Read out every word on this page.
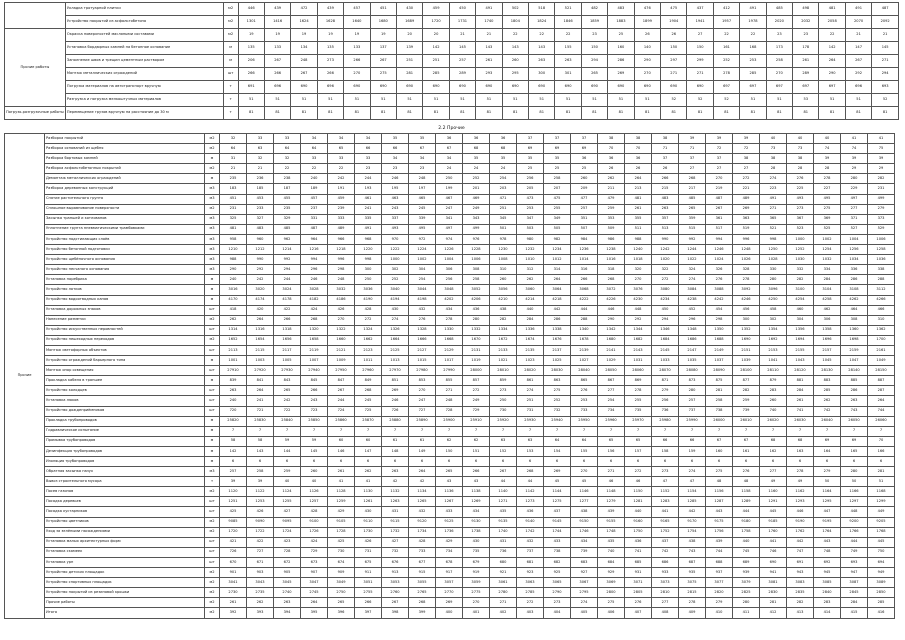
	Укладка тротуарной плитки	м2	446	439	472	439	457	451	430	459	450	491	502	518	521	482	483	476	475	437	412	491	485	498	481	491	487
	Устройство покрытий из асфальтобетона	м2	1301	1416	1624	1628	1640	1680	1689	1720	1731	1740	1804	1824	1846	1859	1883	1899	1904	1941	1957	1978	2020	2032	2058	2070	2092
Прочие работы	Окраска поверхностей масляными составами	м2	19	19	19	19	19	19	20	20	21	21	22	22	22	23	25	26	26	27	22	22	23	23	22	21	21
	Установка бордюрных камней на бетонное основание	м	135	133	134	135	133	137	139	142	145	143	143	143	155	150	160	140	150	150	161	168	173	178	142	147	145
	Заполнение швов и трещин цементным раствором	м	206	267	248	273	266	267	251	251	257	261	260	263	263	294	286	290	297	299	252	253	258	261	264	267	271
	Монтаж металлических ограждений	шт	266	266	267	266	270	275	281	285	289	293	295	300	301	265	269	270	271	271	278	285	270	289	290	292	294
	Погрузка материалов на автотранспорт вручную	т	691	696	690	696	690	690	690	690	690	690	690	690	690	690	690	690	690	690	697	697	697	697	697	696	693
	Разгрузка и погрузка мелкоштучных материалов	т	51	51	51	51	51	51	51	51	51	51	51	51	51	51	51	51	52	52	52	51	51	53	51	51	52
Погрузо-разгрузочные работы	Перемещение грузов вручную на расстояние до 30 м	т	81	81	81	81	81	81	81	81	81	81	81	81	81	81	81	81	81	81	81	81	81	81	81	81	81
2.2 Прочие
Прочие	Разборка покрытий	м2	32	33	33	34	34	34	35	35	36	36	36	37	37	37	38	38	38	39	39	39	40	40	40	41	41
	Разборка оснований из щебня	м2	64	63	64	64	65	66	66	67	67	68	68	69	69	69	70	70	71	71	72	72	73	73	74	74	75
	Разборка бортовых камней	м	31	32	32	33	33	33	34	34	34	35	35	35	35	36	36	36	37	37	37	38	38	38	39	39	39
	Разборка асфальтобетонных покрытий	м2	21	21	22	22	22	23	23	23	24	24	24	25	25	25	26	26	26	27	27	27	28	28	28	29	29
	Демонтаж металлических ограждений	м	235	236	238	240	242	244	246	248	250	252	254	256	258	260	262	264	266	268	270	272	274	276	278	280	282
	Разборка деревянных конструкций	м3	183	185	187	189	191	193	195	197	199	201	203	205	207	209	211	213	215	217	219	221	223	225	227	229	231
	Снятие растительного грунта	м3	451	453	455	457	459	461	463	465	467	469	471	473	475	477	479	481	483	485	487	489	491	493	495	497	499
	Сплошное выравнивание поверхности	м2	231	233	235	237	239	241	243	245	247	249	251	253	255	257	259	261	263	265	267	269	271	273	275	277	279
	Засыпка траншей и котлованов	м3	325	327	329	331	333	335	337	339	341	343	345	347	349	351	353	355	357	359	361	363	365	367	369	371	373
	Уплотнение грунта пневматическими трамбовками	м3	481	483	485	487	489	491	493	495	497	499	501	503	505	507	509	511	513	515	517	519	521	523	525	527	529
	Устройство подстилающих слоёв	м3	958	960	962	964	966	968	970	972	974	976	978	980	982	984	986	988	990	992	994	996	998	1000	1002	1004	1006
	Устройство бетонной подготовки	м3	1210	1212	1214	1216	1218	1220	1222	1224	1226	1228	1230	1232	1234	1236	1238	1240	1242	1244	1246	1248	1250	1252	1254	1256	1258
	Устройство щебёночного основания	м3	988	990	992	994	996	998	1000	1002	1004	1006	1008	1010	1012	1014	1016	1018	1020	1022	1024	1026	1028	1030	1032	1034	1036
	Устройство песчаного основания	м3	290	292	294	296	298	300	302	304	306	308	310	312	314	316	318	320	322	324	326	328	330	332	334	336	338
	Установка поребрика	м	240	242	244	246	248	250	252	254	256	258	260	262	264	266	268	270	272	274	276	278	280	282	284	286	288
	Устройство лотков	м	3016	3020	3024	3028	3032	3036	3040	3044	3048	3052	3056	3060	3064	3068	3072	3076	3080	3084	3088	3092	3096	3100	3104	3108	3112
	Устройство водоотводных канав	м	4170	4174	4178	4182	4186	4190	4194	4198	4202	4206	4210	4214	4218	4222	4226	4230	4234	4238	4242	4246	4250	4254	4258	4262	4266
	Установка дорожных знаков	шт	418	420	422	424	426	428	430	432	434	436	438	440	442	444	446	448	450	452	454	456	458	460	462	464	466
	Нанесение разметки	м2	262	264	266	268	270	272	274	276	278	280	282	284	286	288	290	292	294	296	298	300	302	304	306	308	310
	Устройство искусственных неровностей	шт	1314	1316	1318	1320	1322	1324	1326	1328	1330	1332	1334	1336	1338	1340	1342	1344	1346	1348	1350	1352	1354	1356	1358	1360	1362
	Устройство пешеходных переходов	м2	1652	1654	1656	1658	1660	1662	1664	1666	1668	1670	1672	1674	1676	1678	1680	1682	1684	1686	1688	1690	1692	1694	1696	1698	1700
	Монтаж светофорных объектов	шт	2113	2115	2117	2119	2121	2123	2125	2127	2129	2131	2133	2135	2137	2139	2141	2143	2145	2147	2149	2151	2153	2155	2157	2159	2161
	Устройство ограждений барьерного типа	м	1001	1003	1005	1007	1009	1011	1013	1015	1017	1019	1021	1023	1025	1027	1029	1031	1033	1035	1037	1039	1041	1043	1045	1047	1049
	Монтаж опор освещения	шт	27910	27920	27930	27940	27950	27960	27970	27980	27990	28000	28010	28020	28030	28040	28050	28060	28070	28080	28090	28100	28110	28120	28130	28140	28150
	Прокладка кабеля в траншее	м	839	841	843	845	847	849	851	853	855	857	859	861	863	865	867	869	871	873	875	877	879	881	883	885	887
	Устройство колодцев	шт	263	264	265	266	267	268	269	270	271	272	273	274	275	276	277	278	279	280	281	282	283	284	285	286	287
	Установка люков	шт	240	241	242	243	244	245	246	247	248	249	250	251	252	253	254	255	256	257	258	259	260	261	262	263	264
	Устройство дождеприёмников	шт	720	721	722	723	724	725	726	727	728	729	730	731	732	733	734	735	736	737	738	739	740	741	742	743	744
	Прокладка трубопроводов	м	25820	25830	25840	25850	25860	25870	25880	25890	25900	25910	25920	25930	25940	25950	25960	25970	25980	25990	26000	26010	26020	26030	26040	26050	26060
	Гидравлическое испытание	м	7	7	7	7	7	7	7	7	7	7	7	7	7	7	7	7	7	7	7	7	7	7	7	7	7
	Промывка трубопроводов	м	58	58	59	59	60	60	61	61	62	62	63	63	64	64	65	65	66	66	67	67	68	68	69	69	70
	Дезинфекция трубопроводов	м	142	143	144	145	146	147	148	149	150	151	152	153	154	155	156	157	158	159	160	161	162	163	164	165	166
	Изоляция трубопроводов	м	6	6	6	6	6	6	6	6	6	6	6	6	6	6	6	6	6	6	6	6	6	6	6	6	6
	Обратная засыпка пазух	м3	257	258	259	260	261	262	263	264	265	266	267	268	269	270	271	272	273	274	275	276	277	278	279	280	281
	Вывоз строительного мусора	т	39	39	40	40	41	41	42	42	43	43	44	44	45	45	46	46	47	47	48	48	49	49	50	50	51
	Посев газонов	м2	1120	1122	1124	1126	1128	1130	1132	1134	1136	1138	1140	1142	1144	1146	1148	1150	1152	1154	1156	1158	1160	1162	1164	1166	1168
	Посадка деревьев	шт	1251	1253	1255	1257	1259	1261	1263	1265	1267	1269	1271	1273	1275	1277	1279	1281	1283	1285	1287	1289	1291	1293	1295	1297	1299
	Посадка кустарников	шт	425	426	427	428	429	430	431	432	433	434	435	436	437	438	439	440	441	442	443	444	445	446	447	448	449
	Устройство цветников	м2	9085	9090	9095	9100	9105	9110	9115	9120	9125	9130	9135	9140	9145	9150	9155	9160	9165	9170	9175	9180	9185	9190	9195	9200	9205
	Уход за зелёными насаждениями	м2	1720	1722	1724	1726	1728	1730	1732	1734	1736	1738	1740	1742	1744	1746	1748	1750	1752	1754	1756	1758	1760	1762	1764	1766	1768
	Установка малых архитектурных форм	шт	421	422	423	424	425	426	427	428	429	430	431	432	433	434	435	436	437	438	439	440	441	442	443	444	445
	Установка скамеек	шт	726	727	728	729	730	731	732	733	734	735	736	737	738	739	740	741	742	743	744	745	746	747	748	749	750
	Установка урн	шт	670	671	672	673	674	675	676	677	678	679	680	681	682	683	684	685	686	687	688	689	690	691	692	693	694
	Устройство детских площадок	м2	901	903	905	907	909	911	913	915	917	919	921	923	925	927	929	931	933	935	937	939	941	943	945	947	949
	Устройство спортивных площадок	м2	3041	3043	3045	3047	3049	3051	3053	3055	3057	3059	3061	3063	3065	3067	3069	3071	3073	3075	3077	3079	3081	3083	3085	3087	3089
	Устройство покрытий из резиновой крошки	м2	2730	2735	2740	2745	2750	2755	2760	2765	2770	2775	2780	2785	2790	2795	2800	2805	2810	2815	2820	2825	2830	2835	2840	2845	2850
	Прочие работы	м2	261	262	263	264	265	266	267	268	269	270	271	272	273	274	275	276	277	278	279	280	281	282	283	284	285
	Итого	м2	392	393	394	395	396	397	398	399	400	401	402	403	404	405	406	407	408	409	410	411	412	413	414	415	416
